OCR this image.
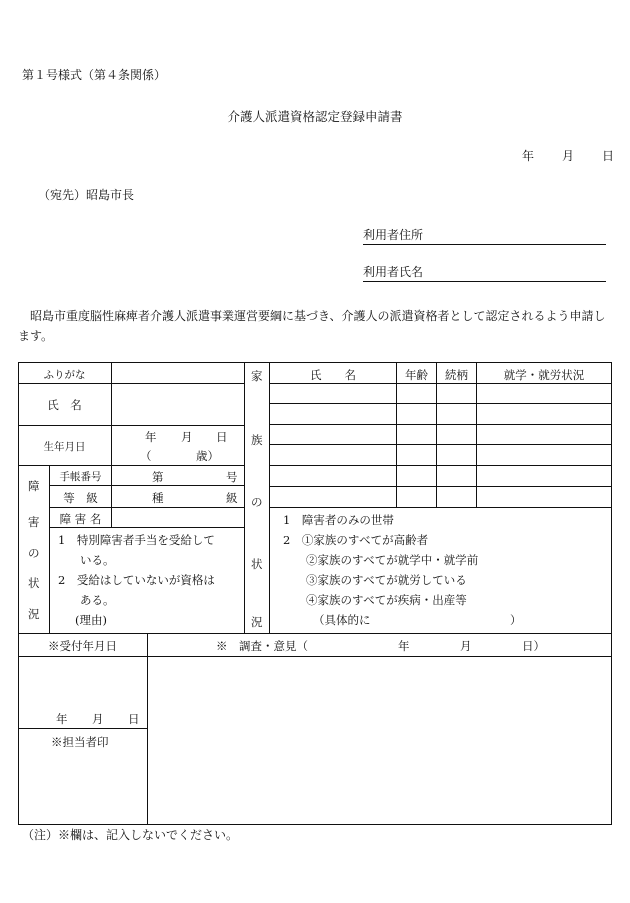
第１号様式（第４条関係）
介護人派遣資格認定登録申請書
年 月 日
（宛先）昭島市長
利用者住所
利用者氏名
昭島市重度脳性麻痺者介護人派遣事業運営要綱に基づき、介護人の派遣資格者として認定されるよう申請します。
ふりがな
氏　名
生年月日
年 月 日
（	歳）
障
害
の
状
況
手帳番号	第	号
等　級	種	級
障 害 名
1　特別障害者手当を受給して
いる。
2　受給はしていないが資格は
ある。
(理由)
家
族
の
状
況
氏　　名	年齢	続柄	就学・就労状況
1　障害者のみの世帯
2　①家族のすべてが高齢者
②家族のすべてが就学中・就学前
③家族のすべてが就労している
④家族のすべてが疾病・出産等
（具体的に	）
※受付年月日	※　調査・意見（	年	月	日）
年 月 日
※担当者印
（注）※欄は、記入しないでください。
